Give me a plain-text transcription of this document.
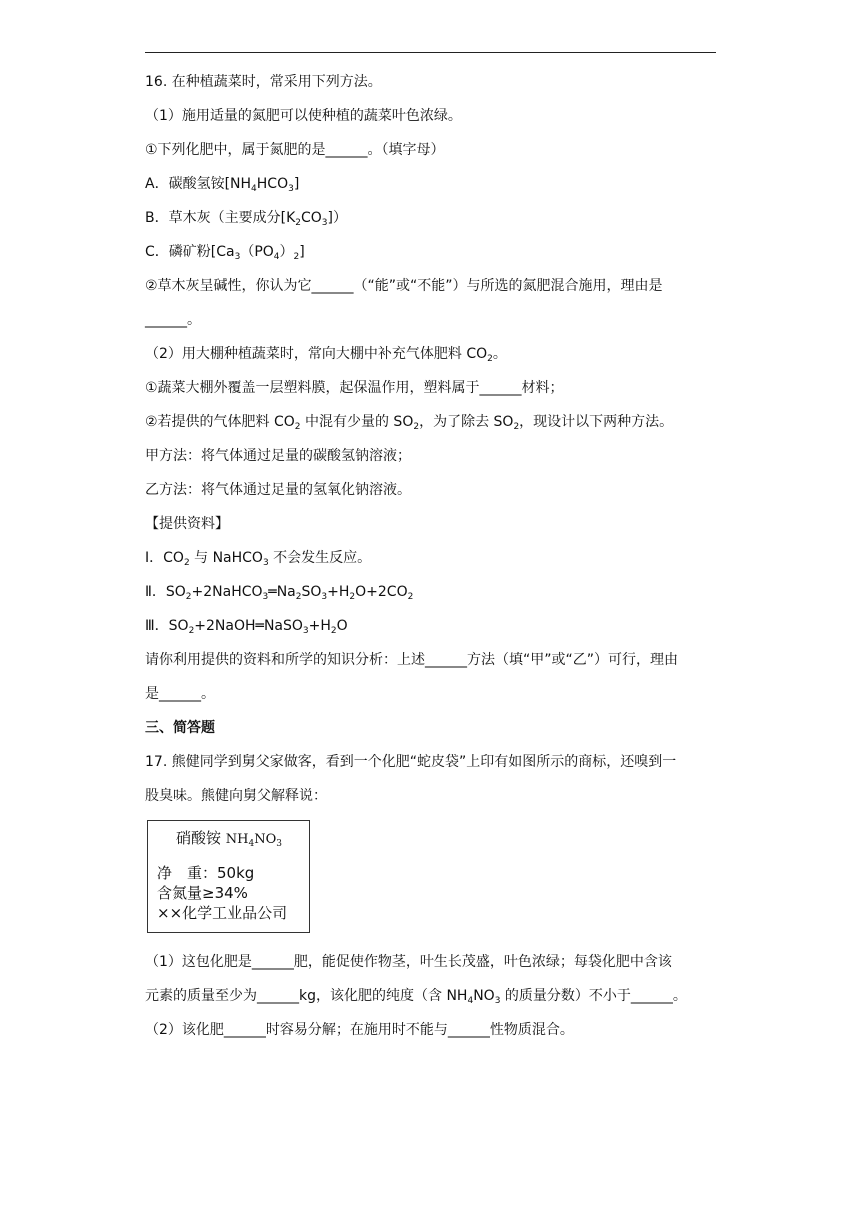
16. 在种植蔬菜时，常采用下列方法。
（1）施用适量的氮肥可以使种植的蔬菜叶色浓绿。
①下列化肥中，属于氮肥的是______。（填字母）
A．碳酸氢铵$[NH_4HCO_3]$
B．草木灰（主要成分$[K_2CO_3]$）
C．磷矿粉$[Ca_3(PO_4)_2]$
②草木灰呈碱性，你认为它______（“能”或“不能”）与所选的氮肥混合施用，理由是
______。
（2）用大棚种植蔬菜时，常向大棚中补充气体肥料 $CO_2$。
①蔬菜大棚外覆盖一层塑料膜，起保温作用，塑料属于______材料；
②若提供的气体肥料 $CO_2$ 中混有少量的 $SO_2$，为了除去 $SO_2$，现设计以下两种方法。
甲方法：将气体通过足量的碳酸氢钠溶液；
乙方法：将气体通过足量的氢氧化钠溶液。
【提供资料】
Ⅰ．$CO_2$ 与 NaHCO$_3$ 不会发生反应。
Ⅱ．$SO_2+2NaHCO_3═Na_2SO_3+H_2O+2CO_2$
Ⅲ．$SO_2+2NaOH═NaSO_3+H_2O$
请你利用提供的资料和所学的知识分析：上述______方法（填“甲”或“乙”）可行，理由
是______。
三、简答题
17. 熊健同学到舅父家做客，看到一个化肥“蛇皮袋”上印有如图所示的商标，还嗅到一
股臭味。熊健向舅父解释说：
硝酸铵 $NH_4NO_3$
净　重：50kg
含氮量≥34%
××化学工业品公司
（1）这包化肥是______肥，能促使作物茎，叶生长茂盛，叶色浓绿；每袋化肥中含该
元素的质量至少为______kg，该化肥的纯度（含 $NH_4NO_3$ 的质量分数）不小于______。
（2）该化肥______时容易分解；在施用时不能与______性物质混合。
